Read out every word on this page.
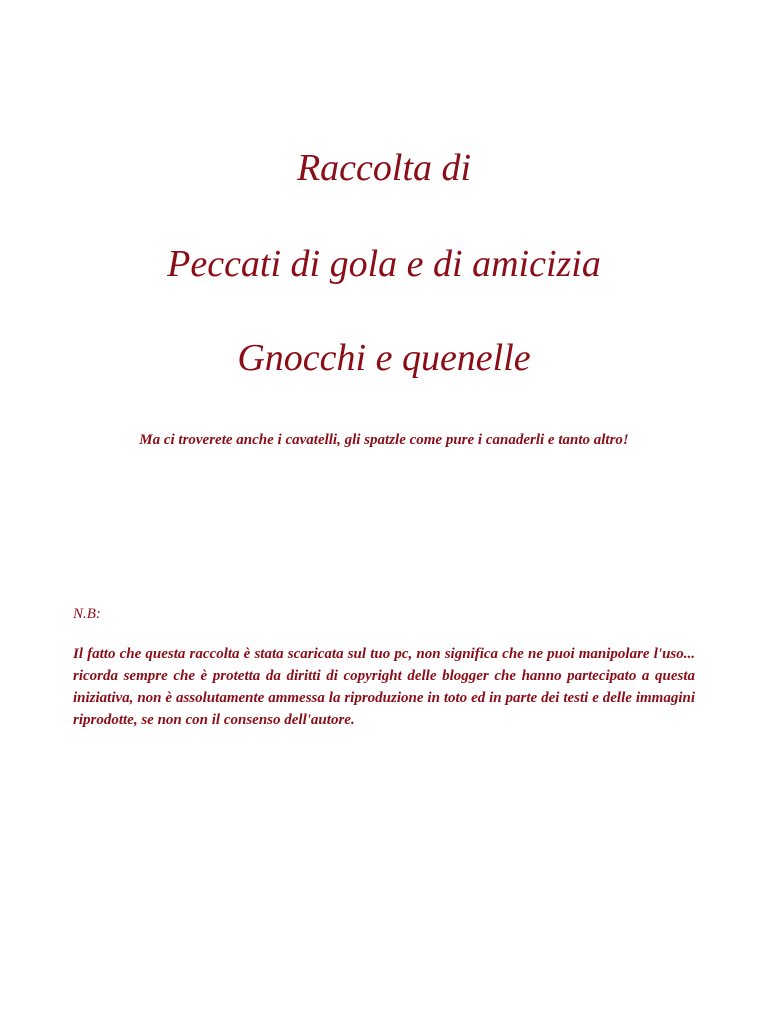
Raccolta di
Peccati di gola e di amicizia
Gnocchi e quenelle

Ma ci troverete anche i cavatelli, gli spatzle come pure i canaderli e tanto altro!

N.B:

Il fatto che questa raccolta è stata scaricata sul tuo pc, non significa che ne puoi manipolare l'uso... ricorda sempre che è protetta da diritti di copyright delle blogger che hanno partecipato a questa iniziativa, non è assolutamente ammessa la riproduzione in toto ed in parte dei testi e delle immagini riprodotte, se non con il consenso dell'autore.
